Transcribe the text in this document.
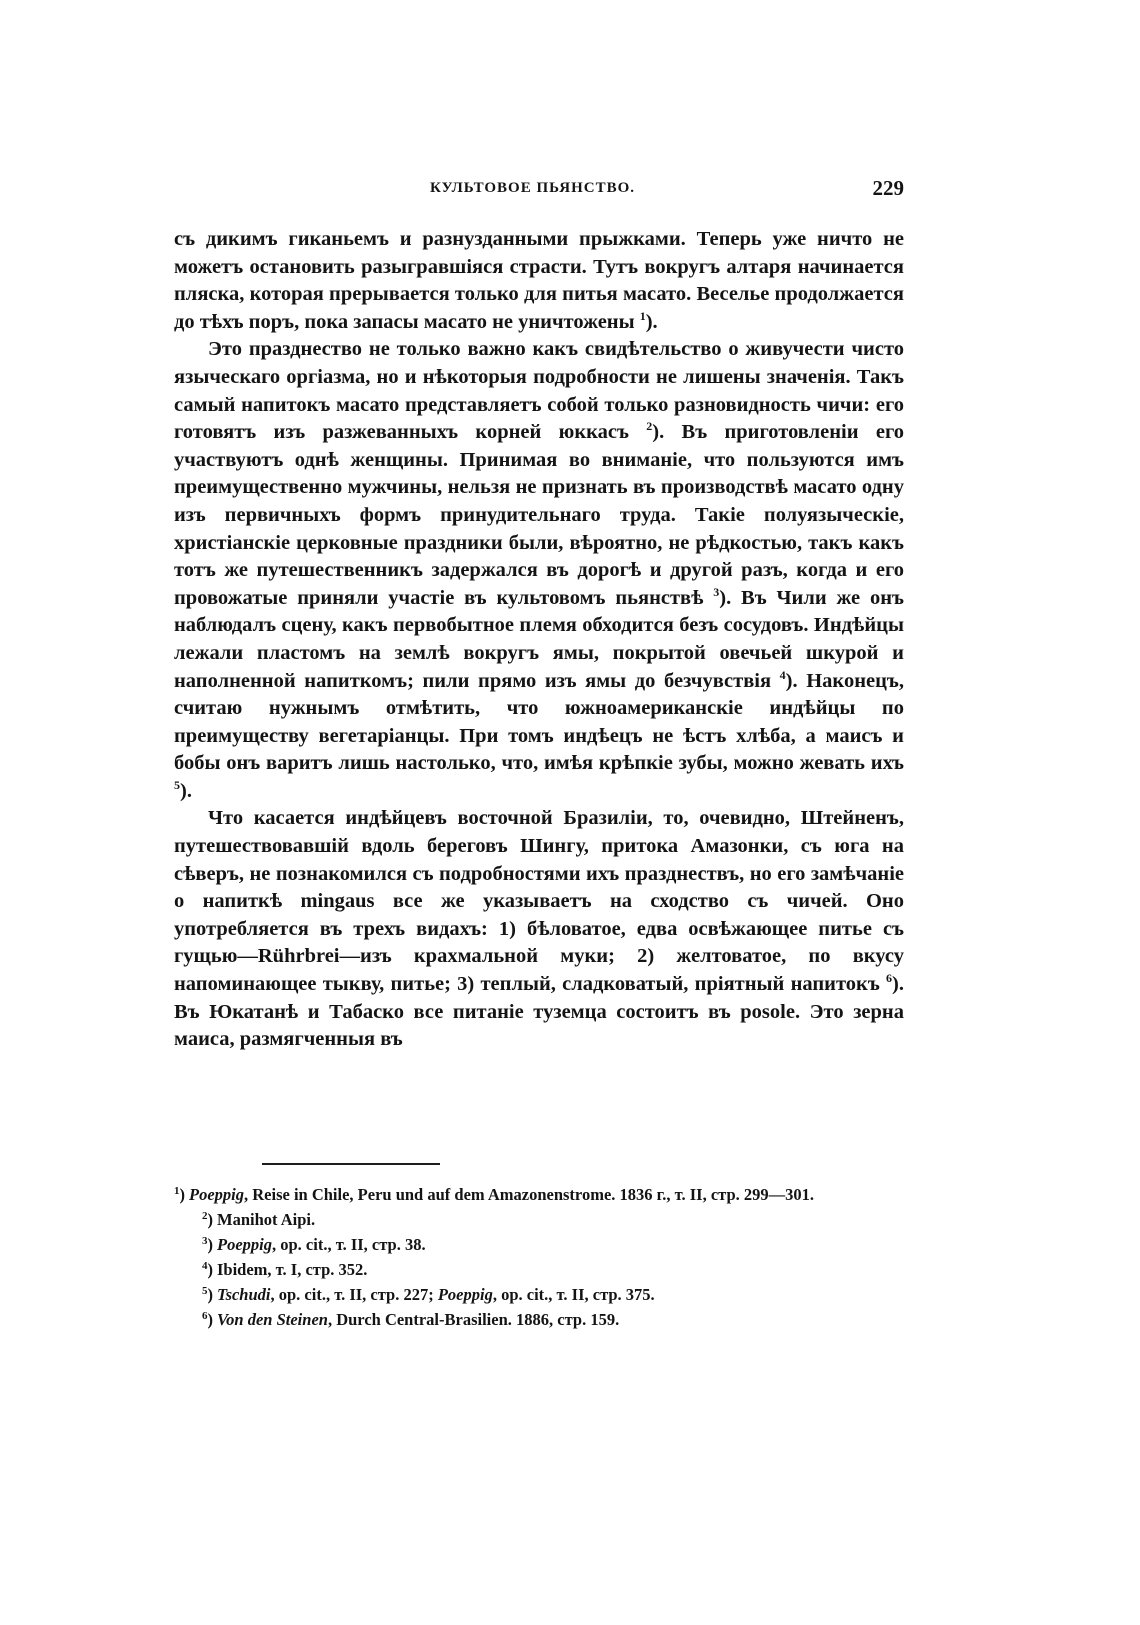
КУЛЬТОВОЕ ПЬЯНСТВО.	229

съ дикимъ гиканьемъ и разнузданными прыжками. Теперь уже ничто не можетъ остановить разыгравшіяся страсти. Тутъ вокругъ алтаря начинается пляска, которая прерывается только для питья масато. Веселье продолжается до тѣхъ поръ, пока запасы масато не уничтожены $^1$).

Это празднество не только важно какъ свидѣтельство о живучести чисто языческаго оргіазма, но и нѣкоторыя подробности не лишены значенія. Такъ самый напитокъ масато представляетъ собой только разновидность чичи: его готовятъ изъ разжеванныхъ корней юккасъ $^2$). Въ приготовленіи его участвуютъ однѣ женщины. Принимая во вниманіе, что пользуются имъ преимущественно мужчины, нельзя не признать въ производствѣ масато одну изъ первичныхъ формъ принудительнаго труда. Такіе полуязыческіе, христіанскіе церковные праздники были, вѣроятно, не рѣдкостью, такъ какъ тотъ же путешественникъ задержался въ дорогѣ и другой разъ, когда и его провожатые приняли участіе въ культовомъ пьянствѣ $^3$). Въ Чили же онъ наблюдалъ сцену, какъ первобытное племя обходится безъ сосудовъ. Индѣйцы лежали пластомъ на землѣ вокругъ ямы, покрытой овечьей шкурой и наполненной напиткомъ; пили прямо изъ ямы до безчувствія $^4$). Наконецъ, считаю нужнымъ отмѣтить, что южноамериканскіе индѣйцы по преимуществу вегетаріанцы. При томъ индѣецъ не ѣстъ хлѣба, а маисъ и бобы онъ варитъ лишь настолько, что, имѣя крѣпкіе зубы, можно жевать ихъ $^5$).

Что касается индѣйцевъ восточной Бразиліи, то, очевидно, Штейненъ, путешествовавшій вдоль береговъ Шингу, притока Амазонки, съ юга на сѣверъ, не познакомился съ подробностями ихъ празднествъ, но его замѣчаніе о напиткѣ mingaus все же указываетъ на сходство съ чичей. Оно употребляется въ трехъ видахъ: 1) бѣловатое, едва освѣжающее питье съ гущью—Rührbrei—изъ крахмальной муки; 2) желтоватое, по вкусу напоминающее тыкву, питье; 3) теплый, сладковатый, пріятный напитокъ $^6$). Въ Юкатанѣ и Табаско все питаніе туземца состоитъ въ posole. Это зерна маиса, размягченныя въ

1) Poeppig, Reise in Chile, Peru und auf dem Amazonenstrome. 1836 г., т. II, стр. 299—301.

2) Manihot Aipi.

3) Poeppig, op. cit., т. II, стр. 38.

4) Ibidem, т. I, стр. 352.

5) Tschudi, op. cit., т. II, стр. 227; Poeppig, op. cit., т. II, стр. 375.

6) Von den Steinen, Durch Central-Brasilien. 1886, стр. 159.
